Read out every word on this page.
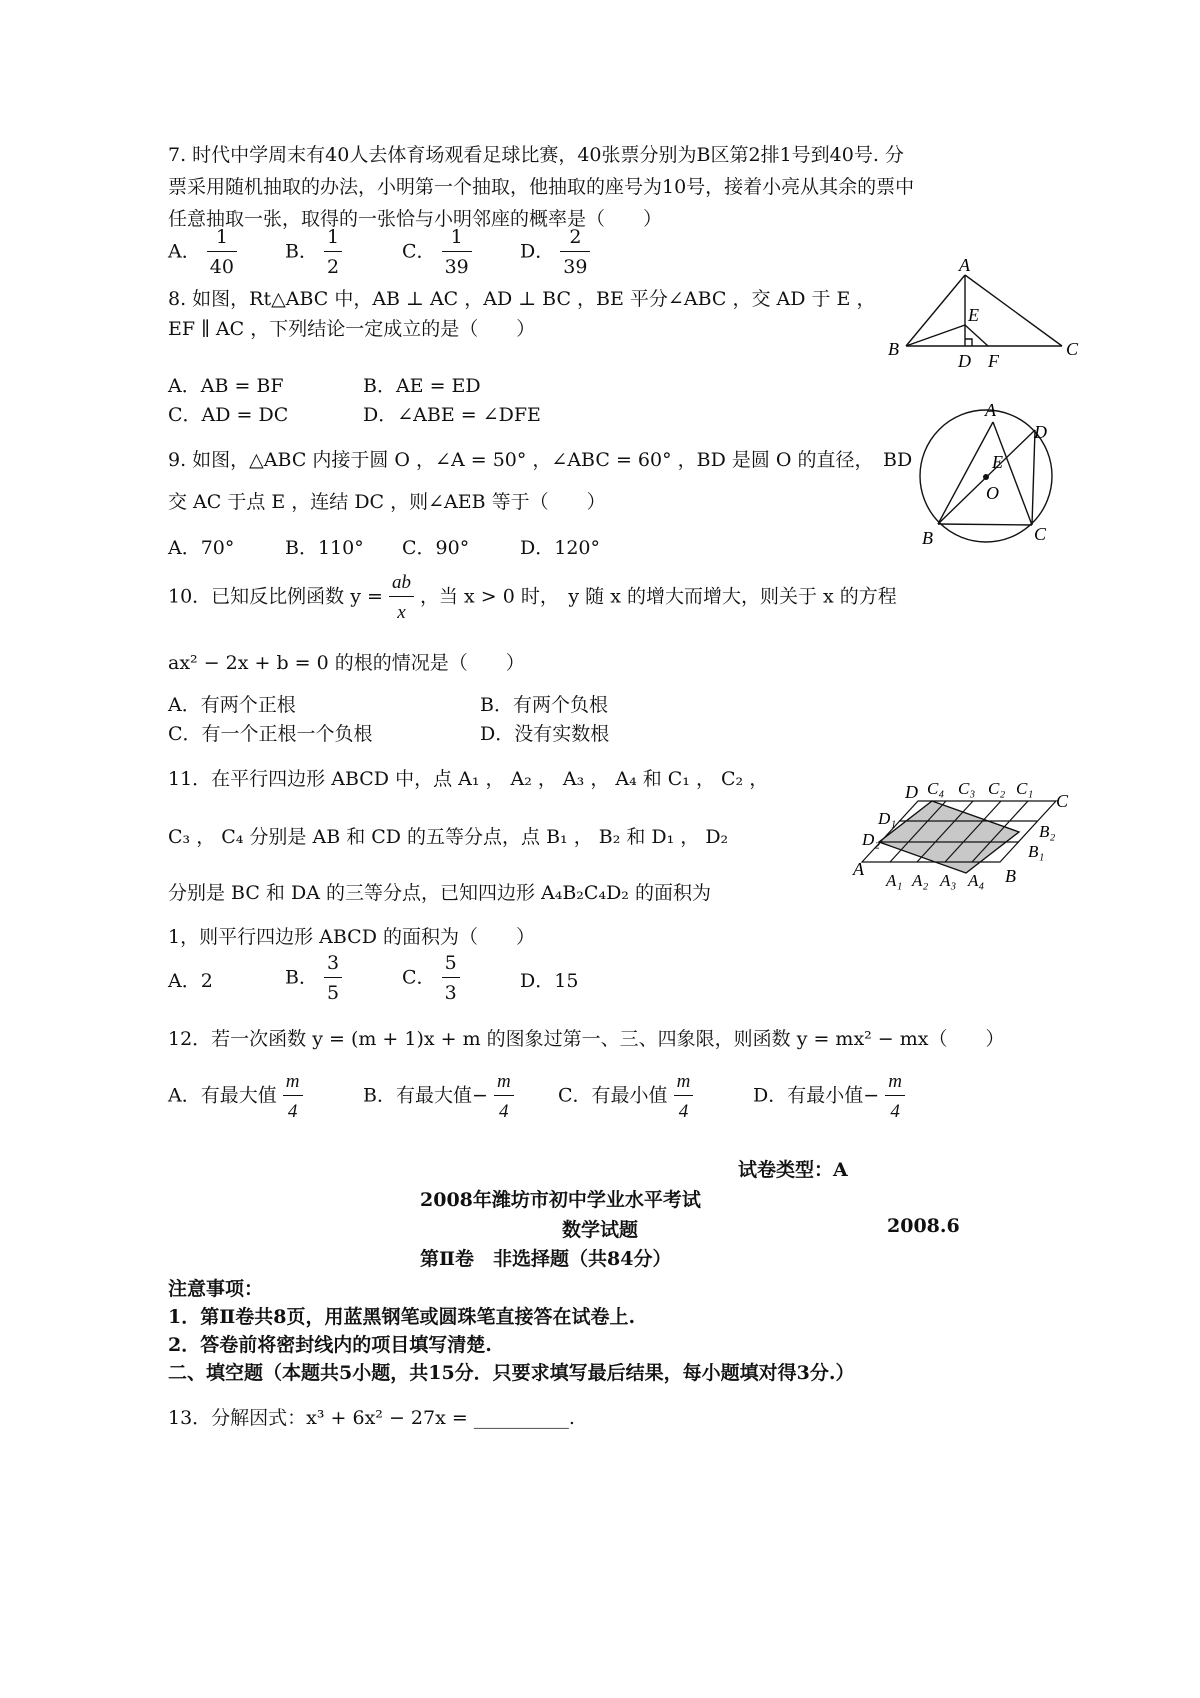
7. 时代中学周末有40人去体育场观看足球比赛，40张票分别为B区第2排1号到40号. 分
票采用随机抽取的办法，小明第一个抽取，他抽取的座号为10号，接着小亮从其余的票中
任意抽取一张，取得的一张恰与小明邻座的概率是（　　）
A． $\frac{1}{40}$	B． $\frac{1}{2}$	C． $\frac{1}{39}$	D． $\frac{2}{39}$
8. 如图，Rt△ABC 中，AB ⊥ AC ，AD ⊥ BC ，BE 平分∠ABC ，交 AD 于 E ，
EF ∥ AC ，下列结论一定成立的是（　　）
A．AB = BF	B．AE = ED
C．AD = DC	D．∠ABE = ∠DFE
A
B	C
D
E
F
9. 如图，△ABC 内接于圆 O ，∠A = 50° ，∠ABC = 60° ，BD 是圆 O 的直径，　BD
交 AC 于点 E ，连结 DC ，则∠AEB 等于（　　）
A．70°	B．110° C．90°	D．120°
A
B	C
D
E
O
10．已知反比例函数 $y = \frac{ab}{x}$ ，当 x > 0 时，　y 随 x 的增大而增大，则关于 x 的方程
ax² − 2x + b = 0 的根的情况是（　　）
A．有两个正根	B．有两个负根
C．有一个正根一个负根	D．没有实数根
11．在平行四边形 ABCD 中，点 A₁ ， A₂ ， A₃ ， A₄ 和 C₁ ， C₂ ，
C₃ ， C₄ 分别是 AB 和 CD 的五等分点，点 B₁ ， B₂ 和 D₁ ， D₂
分别是 BC 和 DA 的三等分点，已知四边形 A₄B₂C₄D₂ 的面积为
1，则平行四边形 ABCD 的面积为（　　）
A．2	B． $\frac{3}{5}$	C． $\frac{5}{3}$	D．15
D C₄ C₃ C₂ C₁
C
D₁
D₂	B₂
B₁
A
A₁ A₂ A₃ A₄ B
12．若一次函数 y = (m + 1)x + m 的图象过第一、三、四象限，则函数 y = mx² − mx（　　）
A．有最大值 $\frac{m}{4}$	B．有最大值− $\frac{m}{4}$ C．有最小值 $\frac{m}{4}$	D．有最小值− $\frac{m}{4}$
试卷类型：A
2008年潍坊市初中学业水平考试
数学试题	2008.6
第Ⅱ卷　非选择题（共84分）
注意事项：
1．第Ⅱ卷共8页，用蓝黑钢笔或圆珠笔直接答在试卷上.
2．答卷前将密封线内的项目填写清楚.
二、填空题（本题共5小题，共15分．只要求填写最后结果，每小题填对得3分.）
13．分解因式：x³ + 6x² − 27x = __________.
